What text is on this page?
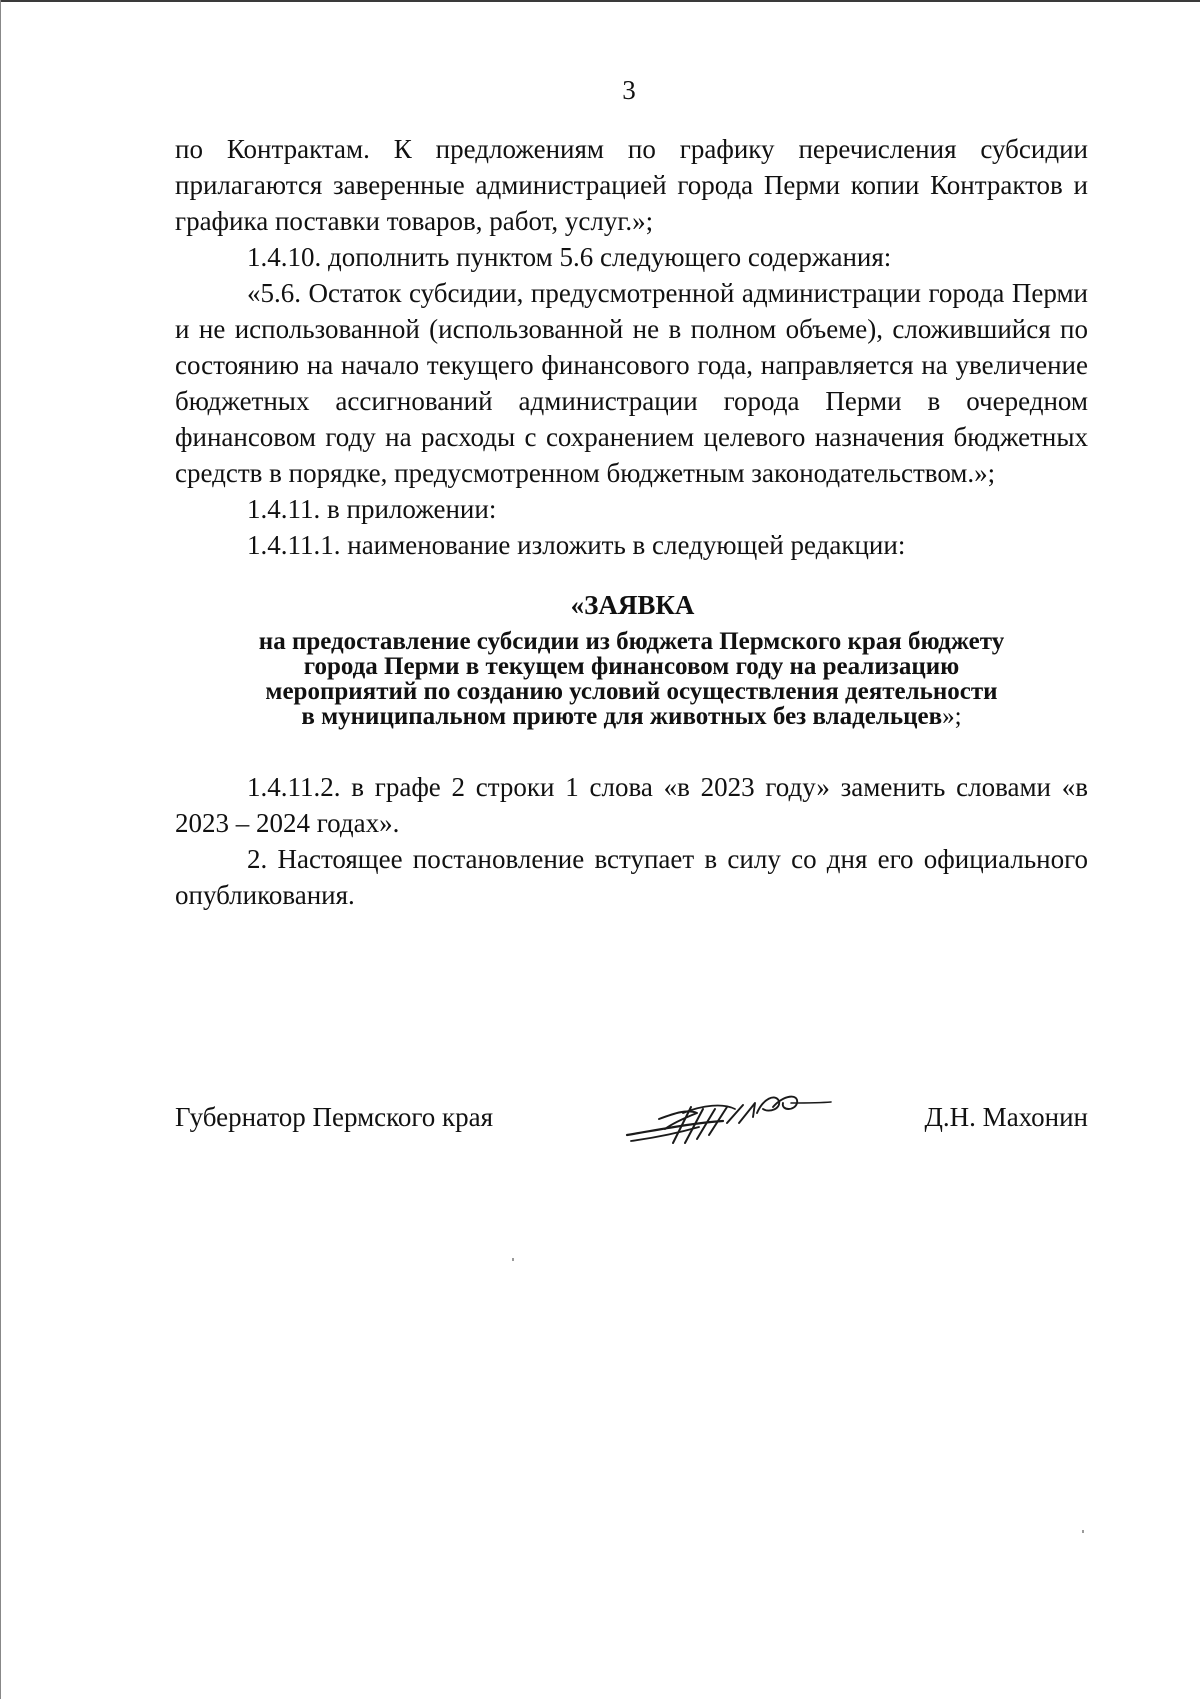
3

по Контрактам. К предложениям по графику перечисления субсидии прилагаются заверенные администрацией города Перми копии Контрактов и графика поставки товаров, работ, услуг.»;

1.4.10. дополнить пунктом 5.6 следующего содержания:

«5.6. Остаток субсидии, предусмотренной администрации города Перми и не использованной (использованной не в полном объеме), сложившийся по состоянию на начало текущего финансового года, направляется на увеличение бюджетных ассигнований администрации города Перми в очередном финансовом году на расходы с сохранением целевого назначения бюджетных средств в порядке, предусмотренном бюджетным законодательством.»;

1.4.11. в приложении:

1.4.11.1. наименование изложить в следующей редакции:

«ЗАЯВКА

на предоставление субсидии из бюджета Пермского края бюджету
города Перми в текущем финансовом году на реализацию
мероприятий по созданию условий осуществления деятельности
в муниципальном приюте для животных без владельцев»;

1.4.11.2. в графе 2 строки 1 слова «в 2023 году» заменить словами «в 2023 – 2024 годах».

2. Настоящее постановление вступает в силу со дня его официального опубликования.

Губернатор Пермского края	Д.Н. Махонин
